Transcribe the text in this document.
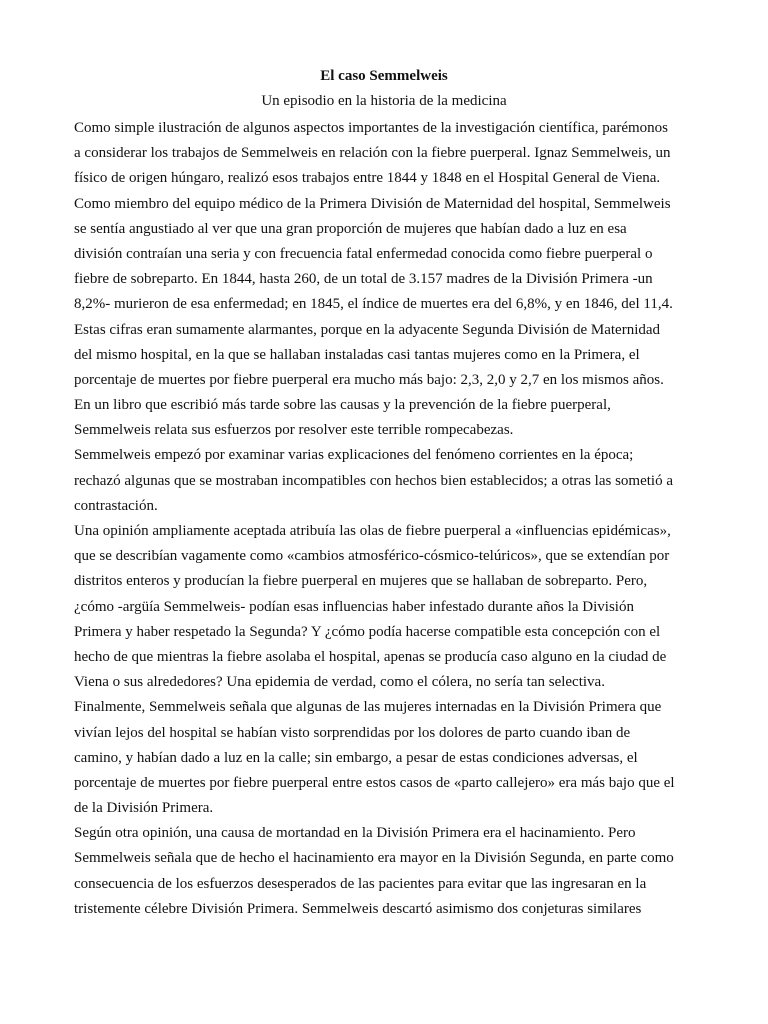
El caso Semmelweis
Un episodio en la historia de la medicina
Como simple ilustración de algunos aspectos importantes de la investigación científica, parémonos
a considerar los trabajos de Semmelweis en relación con la fiebre puerperal. Ignaz Semmelweis, un
físico de origen húngaro, realizó esos trabajos entre 1844 y 1848 en el Hospital General de Viena.
Como miembro del equipo médico de la Primera División de Maternidad del hospital, Semmelweis
se sentía angustiado al ver que una gran proporción de mujeres que habían dado a luz en esa
división contraían una seria y con frecuencia fatal enfermedad conocida como fiebre puerperal o
fiebre de sobreparto. En 1844, hasta 260, de un total de 3.157 madres de la División Primera -un
8,2%- murieron de esa enfermedad; en 1845, el índice de muertes era del 6,8%, y en 1846, del 11,4.
Estas cifras eran sumamente alarmantes, porque en la adyacente Segunda División de Maternidad
del mismo hospital, en la que se hallaban instaladas casi tantas mujeres como en la Primera, el
porcentaje de muertes por fiebre puerperal era mucho más bajo: 2,3, 2,0 y 2,7 en los mismos años.
En un libro que escribió más tarde sobre las causas y la prevención de la fiebre puerperal,
Semmelweis relata sus esfuerzos por resolver este terrible rompecabezas.
Semmelweis empezó por examinar varias explicaciones del fenómeno corrientes en la época;
rechazó algunas que se mostraban incompatibles con hechos bien establecidos; a otras las sometió a
contrastación.
Una opinión ampliamente aceptada atribuía las olas de fiebre puerperal a «influencias epidémicas»,
que se describían vagamente como «cambios atmosférico-cósmico-telúricos», que se extendían por
distritos enteros y producían la fiebre puerperal en mujeres que se hallaban de sobreparto. Pero,
¿cómo -argüía Semmelweis- podían esas influencias haber infestado durante años la División
Primera y haber respetado la Segunda? Y ¿cómo podía hacerse compatible esta concepción con el
hecho de que mientras la fiebre asolaba el hospital, apenas se producía caso alguno en la ciudad de
Viena o sus alrededores? Una epidemia de verdad, como el cólera, no sería tan selectiva.
Finalmente, Semmelweis señala que algunas de las mujeres internadas en la División Primera que
vivían lejos del hospital se habían visto sorprendidas por los dolores de parto cuando iban de
camino, y habían dado a luz en la calle; sin embargo, a pesar de estas condiciones adversas, el
porcentaje de muertes por fiebre puerperal entre estos casos de «parto callejero» era más bajo que el
de la División Primera.
Según otra opinión, una causa de mortandad en la División Primera era el hacinamiento. Pero
Semmelweis señala que de hecho el hacinamiento era mayor en la División Segunda, en parte como
consecuencia de los esfuerzos desesperados de las pacientes para evitar que las ingresaran en la
tristemente célebre División Primera. Semmelweis descartó asimismo dos conjeturas similares
